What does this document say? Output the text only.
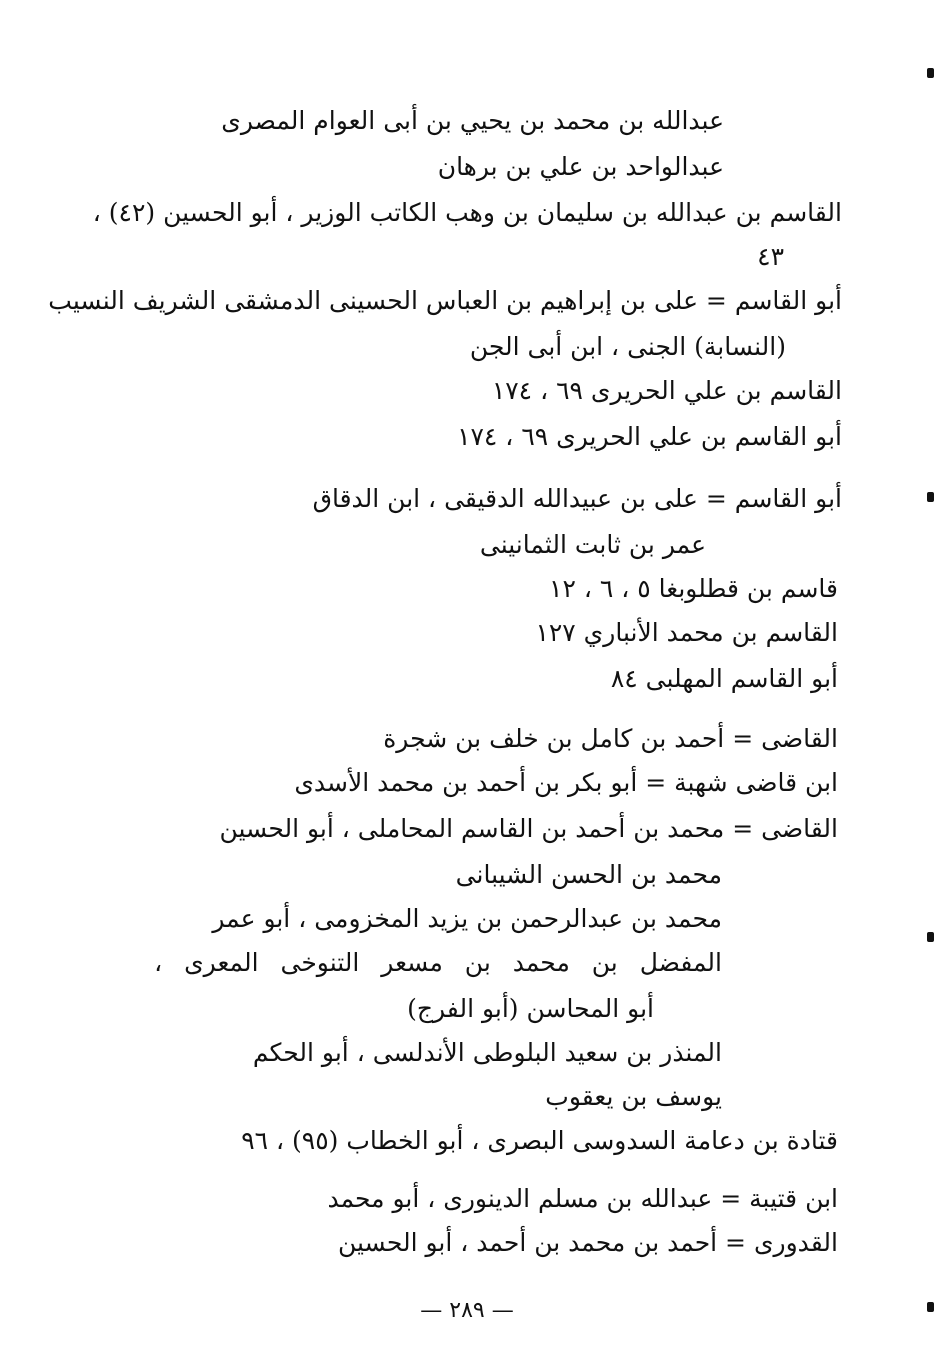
عبدالله بن محمد بن يحيي بن أبى العوام المصرى
عبدالواحد بن علي بن برهان
القاسم بن عبدالله بن سليمان بن وهب الكاتب الوزير ، أبو الحسين (٤٢) ،
٤٣
أبو القاسم = على بن إبراهيم بن العباس الحسينى الدمشقى الشريف النسيب
(النسابة) الجنى ، ابن أبى الجن
القاسم بن علي الحريرى ٦٩ ، ١٧٤
أبو القاسم بن علي الحريرى ٦٩ ، ١٧٤
أبو القاسم = على بن عبيدالله الدقيقى ، ابن الدقاق
عمر بن ثابت الثمانينى
قاسم بن قطلوبغا ٥ ، ٦ ، ١٢
القاسم بن محمد الأنباري ١٢٧
أبو القاسم المهلبى ٨٤
القاضى = أحمد بن كامل بن خلف بن شجرة
ابن قاضى شهبة = أبو بكر بن أحمد بن محمد الأسدى
القاضى = محمد بن أحمد بن القاسم المحاملى ، أبو الحسين
محمد بن الحسن الشيبانى
محمد بن عبدالرحمن بن يزيد المخزومى ، أبو عمر
المفضل بن محمد بن مسعر التنوخى المعرى ،
أبو المحاسن (أبو الفرج)
المنذر بن سعيد البلوطى الأندلسى ، أبو الحكم
يوسف بن يعقوب
قتادة بن دعامة السدوسى البصرى ، أبو الخطاب (٩٥) ، ٩٦
ابن قتيبة = عبدالله بن مسلم الدينورى ، أبو محمد
القدورى = أحمد بن محمد بن أحمد ، أبو الحسين
— ٢٨٩ —
